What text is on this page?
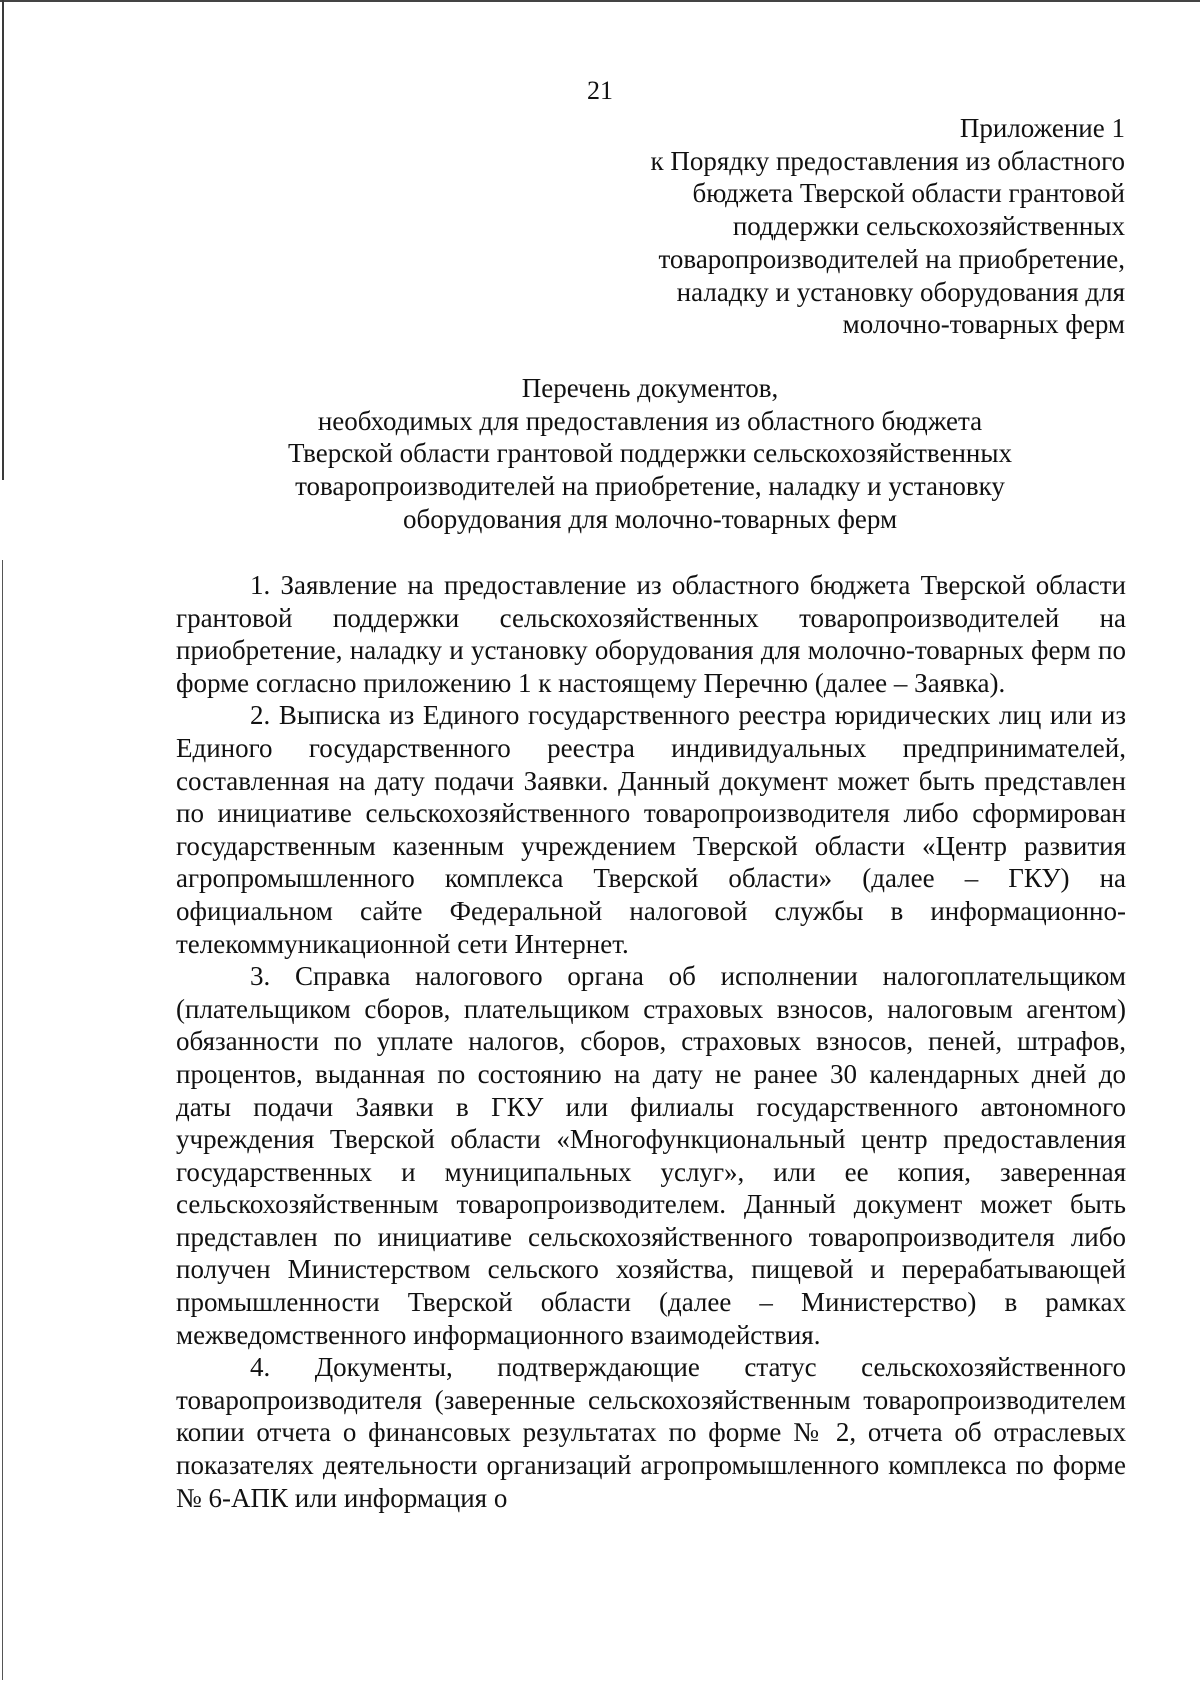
21
Приложение 1
к Порядку предоставления из областного
бюджета Тверской области грантовой
поддержки сельскохозяйственных
товаропроизводителей на приобретение,
наладку и установку оборудования для
молочно-товарных ферм
Перечень документов,
необходимых для предоставления из областного бюджета
Тверской области грантовой поддержки сельскохозяйственных
товаропроизводителей на приобретение, наладку и установку
оборудования для молочно-товарных ферм

1. Заявление на предоставление из областного бюджета Тверской области грантовой поддержки сельскохозяйственных товаропроизводителей на приобретение, наладку и установку оборудования для молочно-товарных ферм по форме согласно приложению 1 к настоящему Перечню (далее – Заявка).

2. Выписка из Единого государственного реестра юридических лиц или из Единого государственного реестра индивидуальных предпринимателей, составленная на дату подачи Заявки. Данный документ может быть представлен по инициативе сельскохозяйственного товаропроизводителя либо сформирован государственным казенным учреждением Тверской области «Центр развития агропромышленного комплекса Тверской области» (далее – ГКУ) на официальном сайте Федеральной налоговой службы в информационно-телекоммуникационной сети Интернет.

3. Справка налогового органа об исполнении налогоплательщиком (плательщиком сборов, плательщиком страховых взносов, налоговым агентом) обязанности по уплате налогов, сборов, страховых взносов, пеней, штрафов, процентов, выданная по состоянию на дату не ранее 30 календарных дней до даты подачи Заявки в ГКУ или филиалы государственного автономного учреждения Тверской области «Многофункциональный центр предоставления государственных и муниципальных услуг», или ее копия, заверенная сельскохозяйственным товаропроизводителем. Данный документ может быть представлен по инициативе сельскохозяйственного товаропроизводителя либо получен Министерством сельского хозяйства, пищевой и перерабатывающей промышленности Тверской области (далее – Министерство) в рамках межведомственного информационного взаимодействия.

4. Документы, подтверждающие статус сельскохозяйственного товаропроизводителя (заверенные сельскохозяйственным товаропроизводителем копии отчета о финансовых результатах по форме № 2, отчета об отраслевых показателях деятельности организаций агропромышленного комплекса по форме № 6-АПК или информация о
